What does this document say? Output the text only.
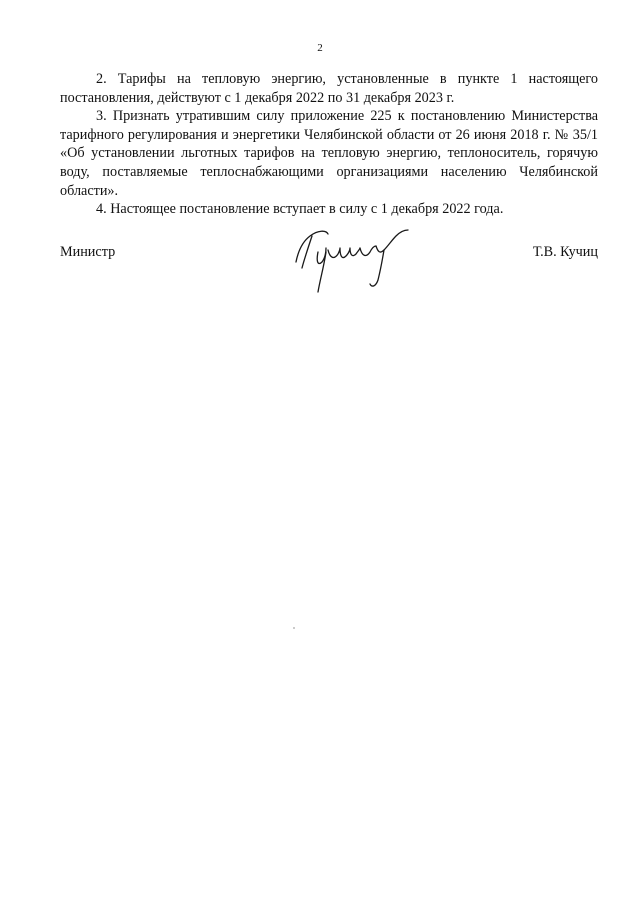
2

2. Тарифы на тепловую энергию, установленные в пункте 1 настоящего постановления, действуют с 1 декабря 2022 по 31 декабря 2023 г.

3. Признать утратившим силу приложение 225 к постановлению Министерства тарифного регулирования и энергетики Челябинской области от 26 июня 2018 г. № 35/1 «Об установлении льготных тарифов на тепловую энергию, теплоноситель, горячую воду, поставляемые теплоснабжающими организациями населению Челябинской области».

4. Настоящее постановление вступает в силу с 1 декабря 2022 года.

Министр	Т.В. Кучиц
